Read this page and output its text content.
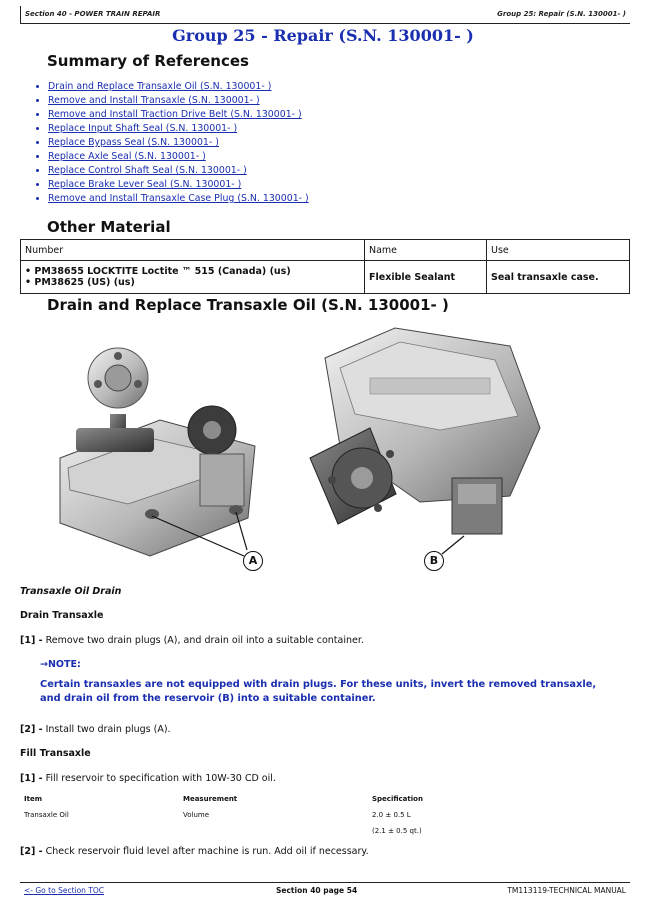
Section 40 - POWER TRAIN REPAIR	Group 25: Repair (S.N. 130001- )
Group 25 - Repair (S.N. 130001- )
Summary of References
• Drain and Replace Transaxle Oil (S.N. 130001- )
• Remove and Install Transaxle (S.N. 130001- )
• Remove and Install Traction Drive Belt (S.N. 130001- )
• Replace Input Shaft Seal (S.N. 130001- )
• Replace Bypass Seal (S.N. 130001- )
• Replace Axle Seal (S.N. 130001- )
• Replace Control Shaft Seal (S.N. 130001- )
• Replace Brake Lever Seal (S.N. 130001- )
• Remove and Install Transaxle Case Plug (S.N. 130001- )
Other Material
Number	Name	Use

• PM38655 LOCKTITE Loctite ™ 515 (Canada) (us)
• PM38625 (US) (us)	Flexible Sealant	Seal transaxle case.
Drain and Replace Transaxle Oil (S.N. 130001- )
A	B
Transaxle Oil Drain
Drain Transaxle
[1] - Remove two drain plugs (A), and drain oil into a suitable container.
→NOTE:
Certain transaxles are not equipped with drain plugs. For these units, invert the removed transaxle, and drain oil from the reservoir (B) into a suitable container.
[2] - Install two drain plugs (A).
Fill Transaxle
[1] - Fill reservoir to specification with 10W-30 CD oil.
Item	Measurement	Specification
Transaxle Oil	Volume	2.0 ± 0.5 L
(2.1 ± 0.5 qt.)
[2] - Check reservoir fluid level after machine is run. Add oil if necessary.
<- Go to Section TOC	Section 40 page 54	TM113119-TECHNICAL MANUAL
